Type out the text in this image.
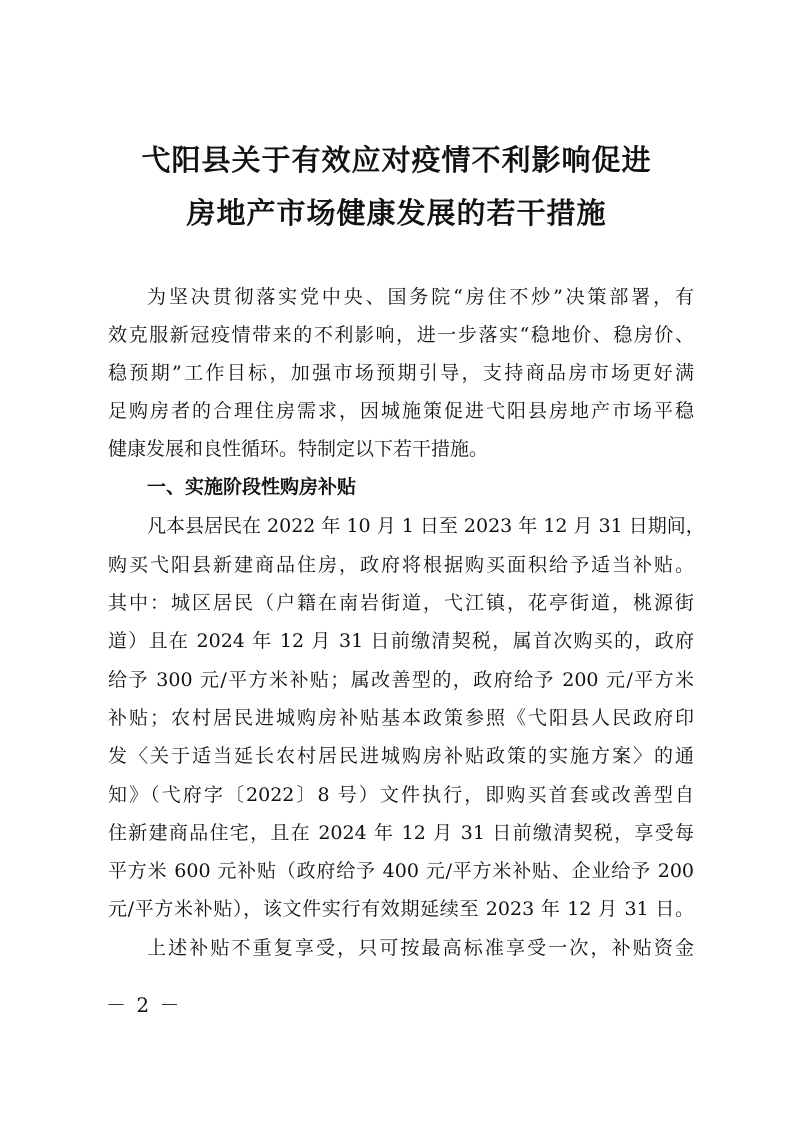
弋阳县关于有效应对疫情不利影响促进
房地产市场健康发展的若干措施
为坚决贯彻落实党中央、国务院“房住不炒”决策部署，有
效克服新冠疫情带来的不利影响，进一步落实“稳地价、稳房价、
稳预期”工作目标，加强市场预期引导，支持商品房市场更好满
足购房者的合理住房需求，因城施策促进弋阳县房地产市场平稳
健康发展和良性循环。特制定以下若干措施。
一、实施阶段性购房补贴
凡本县居民在 2022 年 10 月 1 日至 2023 年 12 月 31 日期间，
购买弋阳县新建商品住房，政府将根据购买面积给予适当补贴。
其中：城区居民（户籍在南岩街道，弋江镇，花亭街道，桃源街
道）且在 2024 年 12 月 31 日前缴清契税，属首次购买的，政府
给予 300 元/平方米补贴；属改善型的，政府给予 200 元/平方米
补贴；农村居民进城购房补贴基本政策参照《弋阳县人民政府印
发〈关于适当延长农村居民进城购房补贴政策的实施方案〉的通
知》（弋府字〔2022〕8 号）文件执行，即购买首套或改善型自
住新建商品住宅，且在 2024 年 12 月 31 日前缴清契税，享受每
平方米 600 元补贴（政府给予 400 元/平方米补贴、企业给予 200
元/平方米补贴），该文件实行有效期延续至 2023 年 12 月 31 日。
上述补贴不重复享受，只可按最高标准享受一次，补贴资金
－ 2 －
